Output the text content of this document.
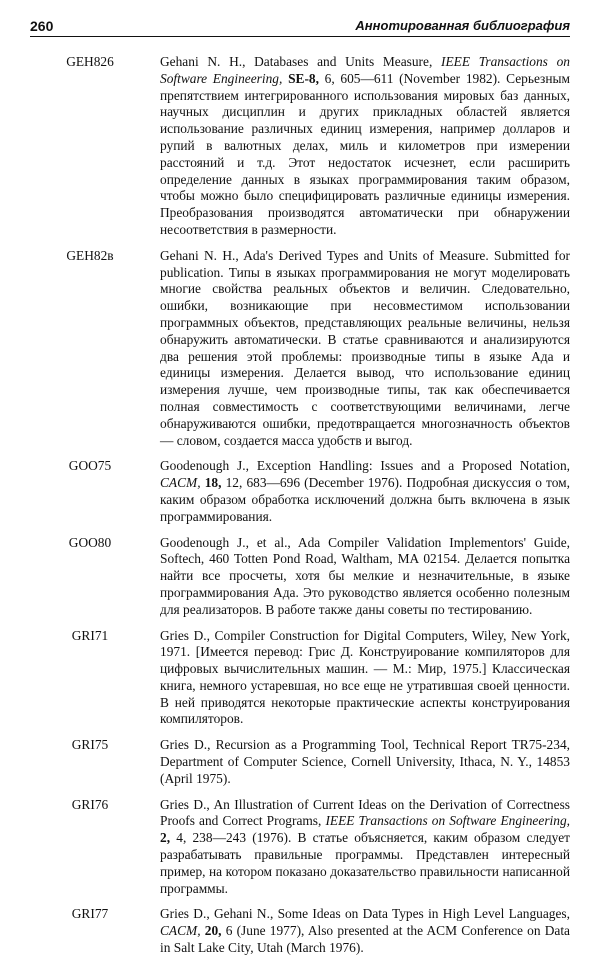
260	Аннотированная библиография
GEH826	Gehani N. H., Databases and Units Measure, IEEE Transactions on Software Engineering, SE-8, 6, 605—611 (November 1982). Серьезным препятствием интегрированного использования мировых баз данных, научных дисциплин и других прикладных областей является использование различных единиц измерения, например долларов и рупий в валютных делах, миль и километров при измерении расстояний и т.д. Этот недостаток исчезнет, если расширить определение данных в языках программирования таким образом, чтобы можно было специфицировать различные единицы измерения. Преобразования производятся автоматически при обнаружении несоответствия в размерности.
GEH82в	Gehani N. H., Ada's Derived Types and Units of Measure. Submitted for publication. Типы в языках программирования не могут моделировать многие свойства реальных объектов и величин. Следовательно, ошибки, возникающие при несовместимом использовании программных объектов, представляющих реальные величины, нельзя обнаружить автоматически. В статье сравниваются и анализируются два решения этой проблемы: производные типы в языке Ада и единицы измерения. Делается вывод, что использование единиц измерения лучше, чем производные типы, так как обеспечивается полная совместимость с соответствующими величинами, легче обнаруживаются ошибки, предотвращается многозначность объектов — словом, создается масса удобств и выгод.
GOO75	Goodenough J., Exception Handling: Issues and a Proposed Notation, CACM, 18, 12, 683—696 (December 1976). Подробная дискуссия о том, каким образом обработка исключений должна быть включена в язык программирования.
GOO80	Goodenough J., et al., Ada Compiler Validation Implementors' Guide, Softech, 460 Totten Pond Road, Waltham, MA 02154. Делается попытка найти все просчеты, хотя бы мелкие и незначительные, в языке программирования Ада. Это руководство является особенно полезным для реализаторов. В работе также даны советы по тестированию.
GRI71	Gries D., Compiler Construction for Digital Computers, Wiley, New York, 1971. [Имеется перевод: Грис Д. Конструирование компиляторов для цифровых вычислительных машин. — М.: Мир, 1975.] Классическая книга, немного устаревшая, но все еще не утратившая своей ценности. В ней приводятся некоторые практические аспекты конструирования компиляторов.
GRI75	Gries D., Recursion as a Programming Tool, Technical Report TR75-234, Department of Computer Science, Cornell University, Ithaca, N. Y., 14853 (April 1975).
GRI76	Gries D., An Illustration of Current Ideas on the Derivation of Correctness Proofs and Correct Programs, IEEE Transactions on Software Engineering, 2, 4, 238—243 (1976). В статье объясняется, каким образом следует разрабатывать правильные программы. Представлен интересный пример, на котором показано доказательство правильности написанной программы.
GRI77	Gries D., Gehani N., Some Ideas on Data Types in High Level Languages, CACM, 20, 6 (June 1977), Also presented at the ACM Conference on Data in Salt Lake City, Utah (March 1976).
